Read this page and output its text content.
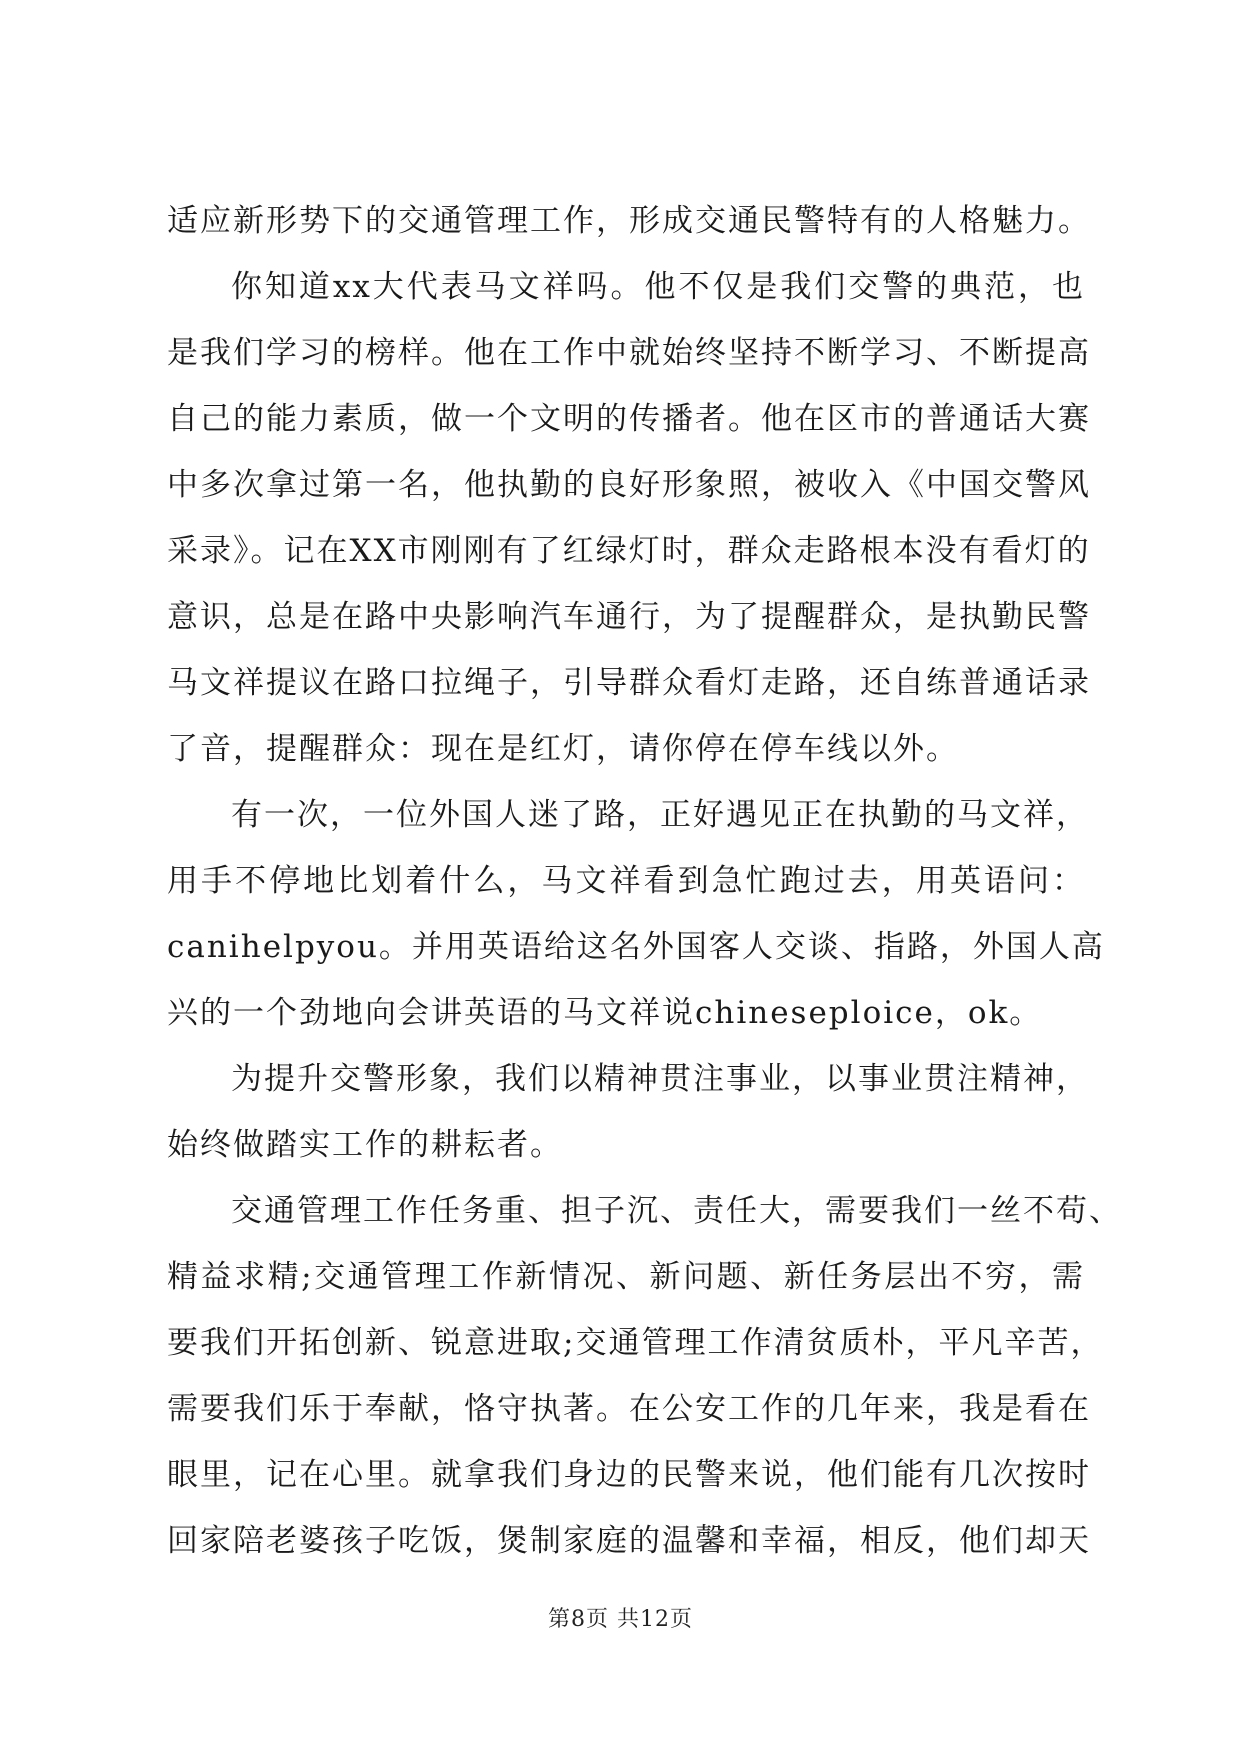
适应新形势下的交通管理工作，形成交通民警特有的人格魅力。
你知道xx大代表马文祥吗。他不仅是我们交警的典范，也
是我们学习的榜样。他在工作中就始终坚持不断学习、不断提高
自己的能力素质，做一个文明的传播者。他在区市的普通话大赛
中多次拿过第一名，他执勤的良好形象照，被收入《中国交警风
采录》。记在XX市刚刚有了红绿灯时，群众走路根本没有看灯的
意识，总是在路中央影响汽车通行，为了提醒群众，是执勤民警
马文祥提议在路口拉绳子，引导群众看灯走路，还自练普通话录
了音，提醒群众：现在是红灯，请你停在停车线以外。
有一次，一位外国人迷了路，正好遇见正在执勤的马文祥，
用手不停地比划着什么，马文祥看到急忙跑过去，用英语问：
canihelpyou。并用英语给这名外国客人交谈、指路，外国人高
兴的一个劲地向会讲英语的马文祥说chineseploice，ok。
为提升交警形象，我们以精神贯注事业，以事业贯注精神，
始终做踏实工作的耕耘者。
交通管理工作任务重、担子沉、责任大，需要我们一丝不苟、
精益求精;交通管理工作新情况、新问题、新任务层出不穷，需
要我们开拓创新、锐意进取;交通管理工作清贫质朴，平凡辛苦，
需要我们乐于奉献，恪守执著。在公安工作的几年来，我是看在
眼里，记在心里。就拿我们身边的民警来说，他们能有几次按时
回家陪老婆孩子吃饭，煲制家庭的温馨和幸福，相反，他们却天
第8页 共12页
